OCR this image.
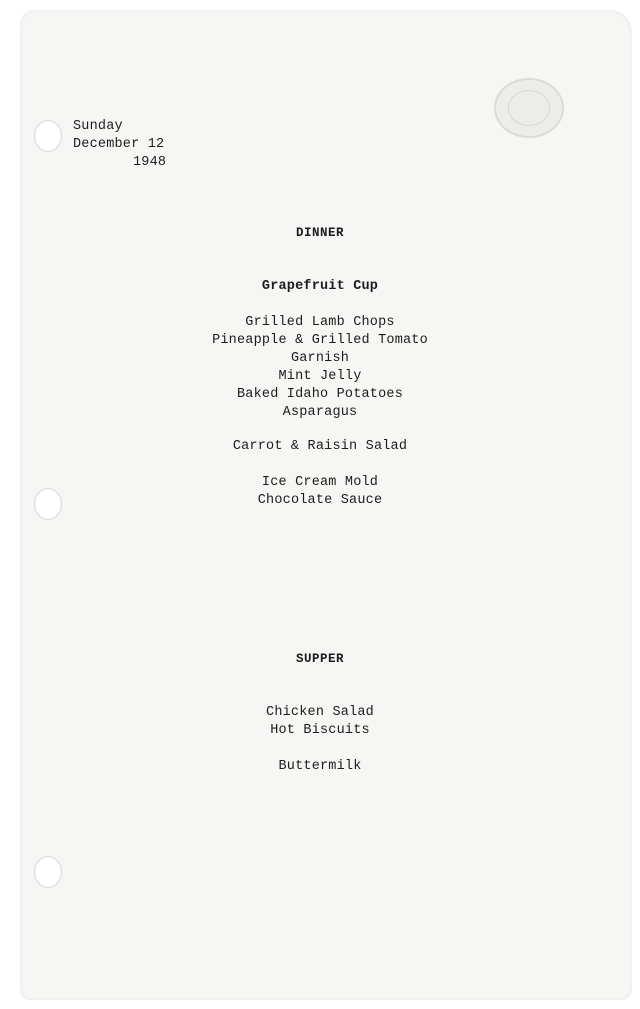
Sunday
December 12
1948
DINNER
Grapefruit Cup
Grilled Lamb Chops
Pineapple & Grilled Tomato
Garnish
Mint Jelly
Baked Idaho Potatoes
Asparagus
Carrot & Raisin Salad
Ice Cream Mold
Chocolate Sauce
SUPPER
Chicken Salad
Hot Biscuits
Buttermilk
